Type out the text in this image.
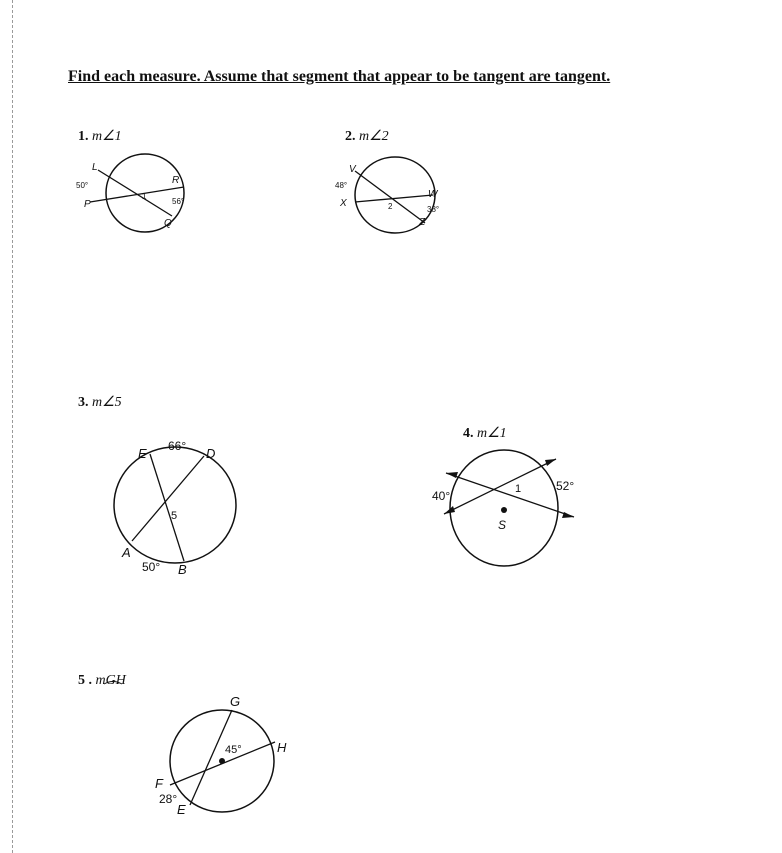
Find each measure. Assume that segment that appear to be tangent are tangent.
1. m∠1
L
R
P
Q
50°
56°
1
2. m∠2
V
X
W
Z
48°
38°
2
3. m∠5
E	D
A
B
66°
50°
5
4. m∠1
S
40°
52°
1
5 . mGH
G
H
F
E
45°
28°
